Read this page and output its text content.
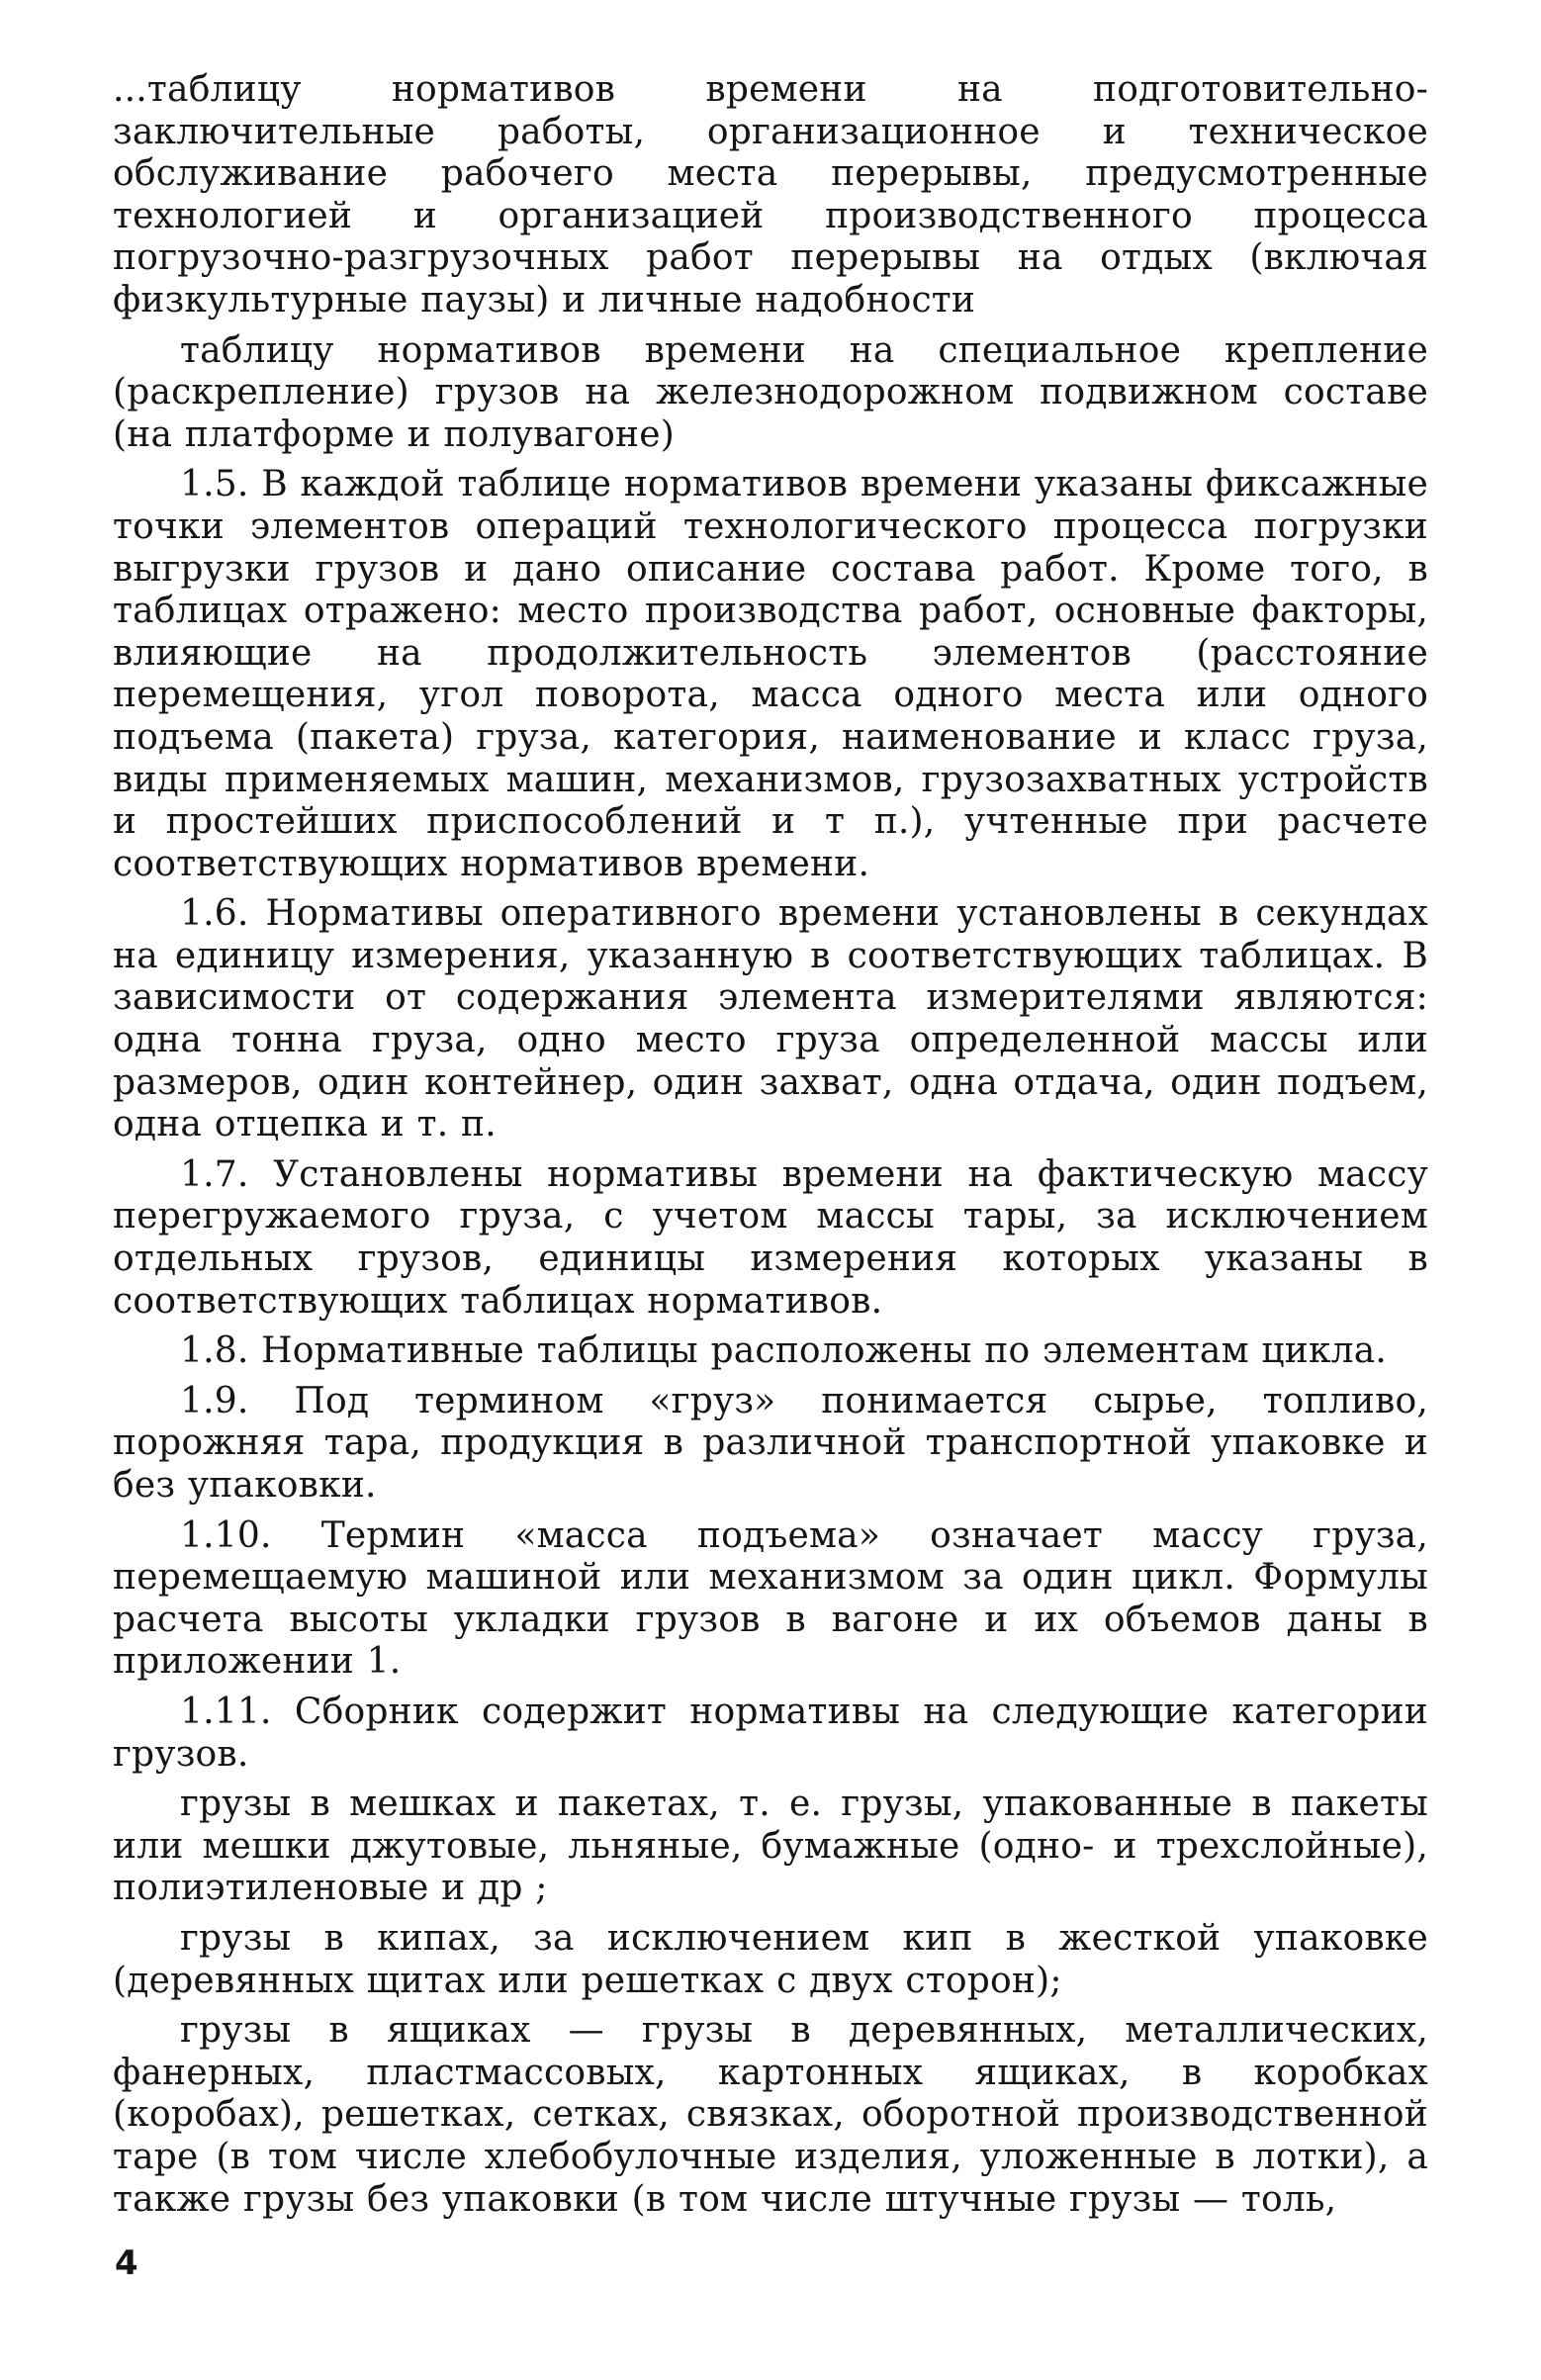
...таблицу нормативов времени на подготовительно-заключительные работы, организационное и техническое обслуживание рабочего места перерывы, предусмотренные технологией и организацией производственного процесса погрузочно-разгрузочных работ перерывы на отдых (включая физкультурные паузы) и личные надобности

таблицу нормативов времени на специальное крепление (раскрепление) грузов на железнодорожном подвижном составе (на платформе и полувагоне)

1.5. В каждой таблице нормативов времени указаны фиксажные точки элементов операций технологического процесса погрузки выгрузки грузов и дано описание состава работ. Кроме того, в таблицах отражено: место производства работ, основные факторы, влияющие на продолжительность элементов (расстояние перемещения, угол поворота, масса одного места или одного подъема (пакета) груза, категория, наименование и класс груза, виды применяемых машин, механизмов, грузозахватных устройств и простейших приспособлений и т п.), учтенные при расчете соответствующих нормативов времени.

1.6. Нормативы оперативного времени установлены в секундах на единицу измерения, указанную в соответствующих таблицах. В зависимости от содержания элемента измерителями являются: одна тонна груза, одно место груза определенной массы или размеров, один контейнер, один захват, одна отдача, один подъем, одна отцепка и т. п.

1.7. Установлены нормативы времени на фактическую массу перегружаемого груза, с учетом массы тары, за исключением отдельных грузов, единицы измерения которых указаны в соответствующих таблицах нормативов.

1.8. Нормативные таблицы расположены по элементам цикла.

1.9. Под термином «груз» понимается сырье, топливо, порожняя тара, продукция в различной транспортной упаковке и без упаковки.

1.10. Термин «масса подъема» означает массу груза, перемещаемую машиной или механизмом за один цикл. Формулы расчета высоты укладки грузов в вагоне и их объемов даны в приложении 1.

1.11. Сборник содержит нормативы на следующие категории грузов.

грузы в мешках и пакетах, т. е. грузы, упакованные в пакеты или мешки джутовые, льняные, бумажные (одно- и трехслойные), полиэтиленовые и др ;

грузы в кипах, за исключением кип в жесткой упаковке (деревянных щитах или решетках с двух сторон);

грузы в ящиках — грузы в деревянных, металлических, фанерных, пластмассовых, картонных ящиках, в коробках (коробах), решетках, сетках, связках, оборотной производственной таре (в том числе хлебобулочные изделия, уложенные в лотки), а также грузы без упаковки (в том числе штучные грузы — толь,

4
